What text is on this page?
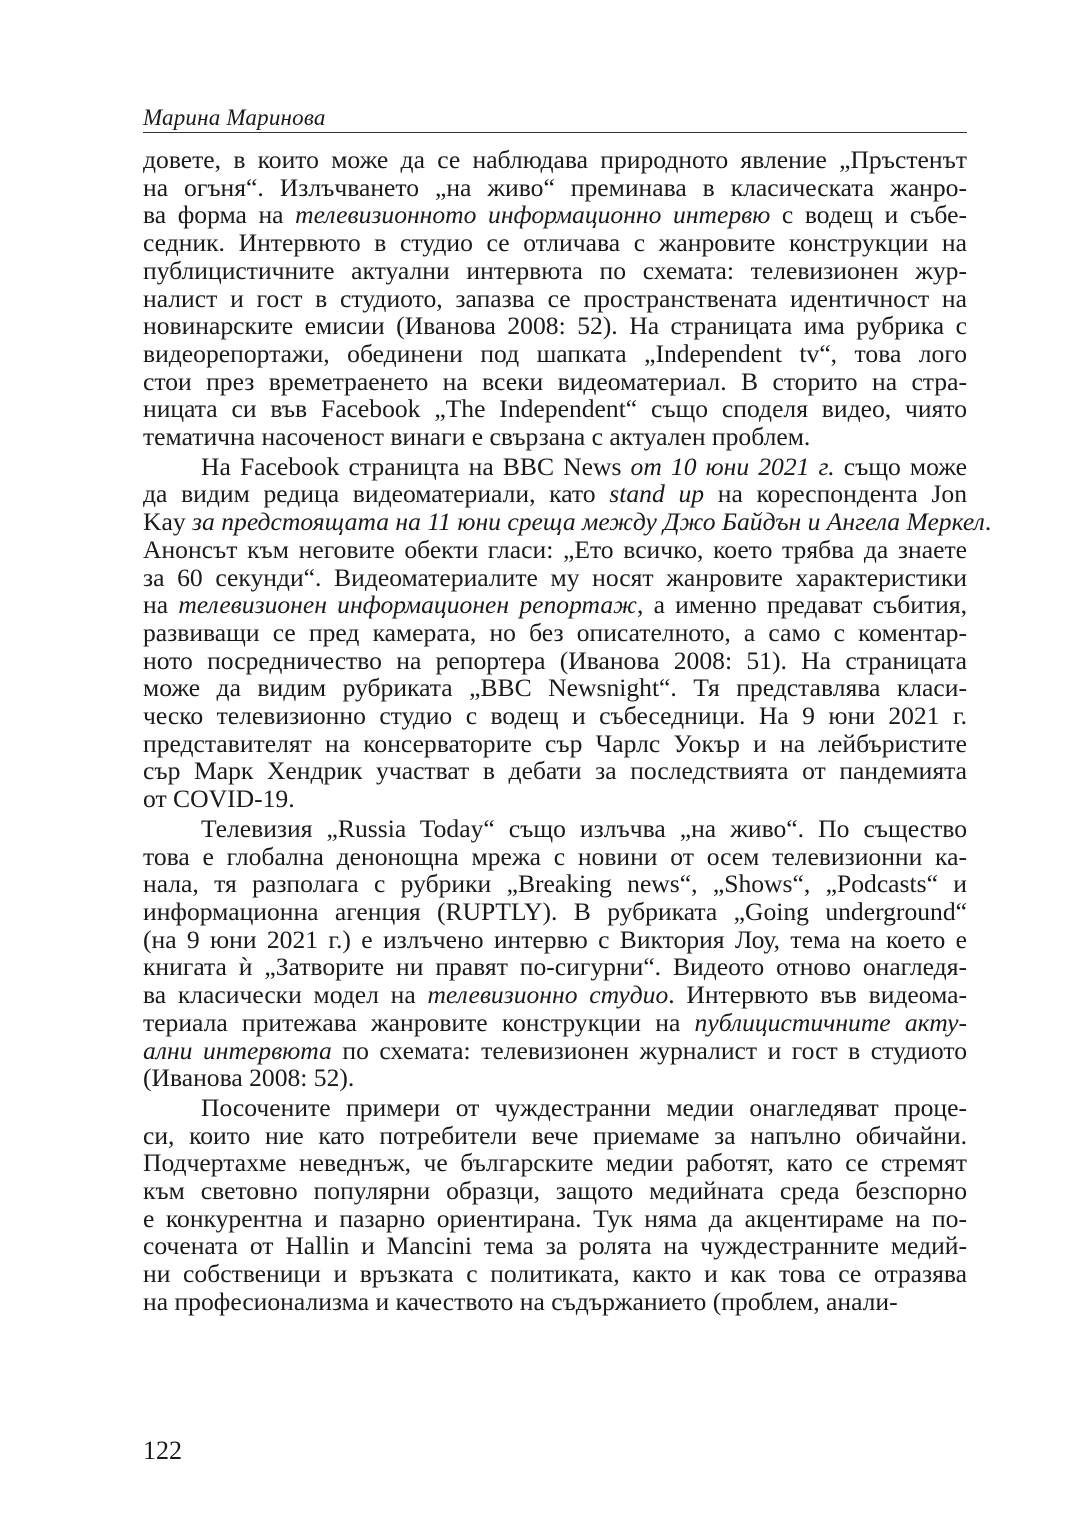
Марина Маринова
довете, в които може да се наблюдава природното явление „Пръстенът
на огъня“. Излъчването „на живо“ преминава в класическата жанро-
ва форма на телевизионното информационно интервю с водещ и събе-
седник. Интервюто в студио се отличава с жанровите конструкции на
публицистичните актуални интервюта по схемата: телевизионен жур-
налист и гост в студиото, запазва се пространствената идентичност на
новинарските емисии (Иванова 2008: 52). На страницата има рубрика с
видеорепортажи, обединени под шапката „Independent tv“, това лого
стои през времетраенето на всеки видеоматериал. В сторито на стра-
ницата си във Facebook „The Independent“ също споделя видео, чиято
тематична насоченост винаги е свързана с актуален проблем.
На Facebook страницта на BBC News от 10 юни 2021 г. също може
да видим редица видеоматериали, като stand up на кореспондента Jon
Kay за предстоящата на 11 юни среща между Джо Байдън и Ангела Меркел.
Анонсът към неговите обекти гласи: „Ето всичко, което трябва да знаете
за 60 секунди“. Видеоматериалите му носят жанровите характеристики
на телевизионен информационен репортаж, а именно предават събития,
развиващи се пред камерата, но без описателното, а само с коментар-
ното посредничество на репортера (Иванова 2008: 51). На страницата
може да видим рубриката „BBC Newsnight“. Тя представлява класи-
ческо телевизионно студио с водещ и събеседници. На 9 юни 2021 г.
представителят на консерваторите сър Чарлс Уокър и на лейбъристите
сър Марк Хендрик участват в дебати за последствията от пандемията
от COVID-19.
Телевизия „Russia Today“ също излъчва „на живо“. По същество
това е глобална денонощна мрежа с новини от осем телевизионни ка-
нала, тя разполага с рубрики „Breaking news“, „Shows“, „Podcasts“ и
информационна агенция (RUPTLY). В рубриката „Going underground“
(на 9 юни 2021 г.) е излъчено интервю с Виктория Лоу, тема на което е
книгата ѝ „Затворите ни правят по-сигурни“. Видеото отново онагледя-
ва класически модел на телевизионно студио. Интервюто във видеома-
териала притежава жанровите конструкции на публицистичните акту-
ални интервюта по схемата: телевизионен журналист и гост в студиото
(Иванова 2008: 52).
Посочените примери от чуждестранни медии онагледяват проце-
си, които ние като потребители вече приемаме за напълно обичайни.
Подчертахме неведнъж, че българските медии работят, като се стремят
към световно популярни образци, защото медийната среда безспорно
е конкурентна и пазарно ориентирана. Тук няма да акцентираме на по-
сочената от Hallin и Mancini тема за ролята на чуждестранните медий-
ни собственици и връзката с политиката, както и как това се отразява
на професионализма и качеството на съдържанието (проблем, анали-
122
